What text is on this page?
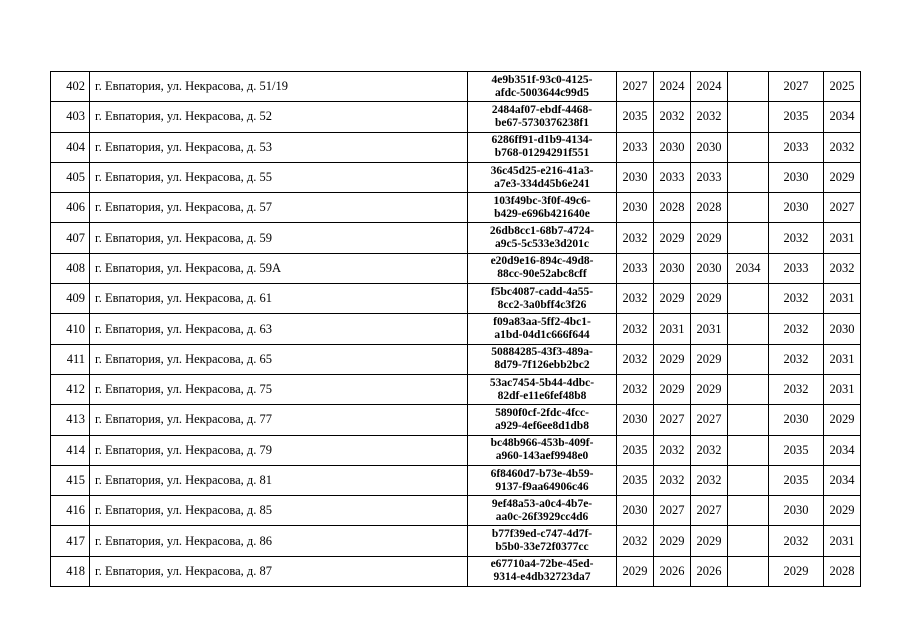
402	г. Евпатория, ул. Некрасова, д. 51/19	4e9b351f-93c0-4125-
afdc-5003644c99d5	2027	2024	2024		2027	2025
403	г. Евпатория, ул. Некрасова, д. 52	2484af07-ebdf-4468-
be67-5730376238f1	2035	2032	2032		2035	2034
404	г. Евпатория, ул. Некрасова, д. 53	6286ff91-d1b9-4134-
b768-01294291f551	2033	2030	2030		2033	2032
405	г. Евпатория, ул. Некрасова, д. 55	36c45d25-e216-41a3-
a7e3-334d45b6e241	2030	2033	2033		2030	2029
406	г. Евпатория, ул. Некрасова, д. 57	103f49bc-3f0f-49c6-
b429-e696b421640e	2030	2028	2028		2030	2027
407	г. Евпатория, ул. Некрасова, д. 59	26db8cc1-68b7-4724-
a9c5-5c533e3d201c	2032	2029	2029		2032	2031
408	г. Евпатория, ул. Некрасова, д. 59А	e20d9e16-894c-49d8-
88cc-90e52abc8cff	2033	2030	2030	2034	2033	2032
409	г. Евпатория, ул. Некрасова, д. 61	f5bc4087-cadd-4a55-
8cc2-3a0bff4c3f26	2032	2029	2029		2032	2031
410	г. Евпатория, ул. Некрасова, д. 63	f09a83aa-5ff2-4bc1-
a1bd-04d1c666f644	2032	2031	2031		2032	2030
411	г. Евпатория, ул. Некрасова, д. 65	50884285-43f3-489a-
8d79-7f126ebb2bc2	2032	2029	2029		2032	2031
412	г. Евпатория, ул. Некрасова, д. 75	53ac7454-5b44-4dbc-
82df-e11e6fef48b8	2032	2029	2029		2032	2031
413	г. Евпатория, ул. Некрасова, д. 77	5890f0cf-2fdc-4fcc-
a929-4ef6ee8d1db8	2030	2027	2027		2030	2029
414	г. Евпатория, ул. Некрасова, д. 79	bc48b966-453b-409f-
a960-143aef9948e0	2035	2032	2032		2035	2034
415	г. Евпатория, ул. Некрасова, д. 81	6f8460d7-b73e-4b59-
9137-f9aa64906c46	2035	2032	2032		2035	2034
416	г. Евпатория, ул. Некрасова, д. 85	9ef48a53-a0c4-4b7e-
aa0c-26f3929cc4d6	2030	2027	2027		2030	2029
417	г. Евпатория, ул. Некрасова, д. 86	b77f39ed-c747-4d7f-
b5b0-33e72f0377cc	2032	2029	2029		2032	2031
418	г. Евпатория, ул. Некрасова, д. 87	e67710a4-72be-45ed-
9314-e4db32723da7	2029	2026	2026		2029	2028
